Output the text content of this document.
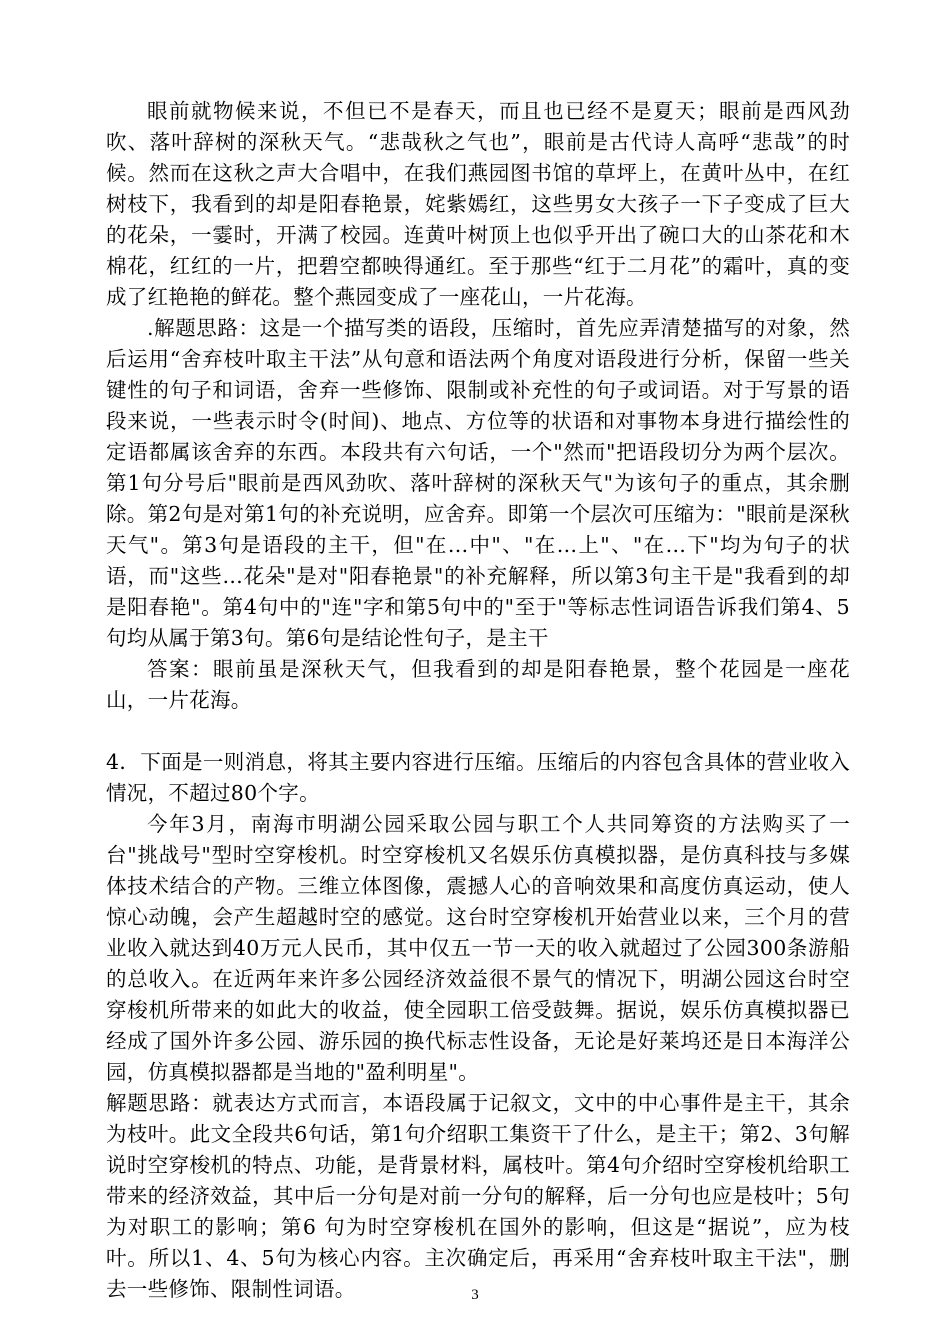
眼前就物候来说，不但已不是春天，而且也已经不是夏天；眼前是西风劲吹、落叶辞树的深秋天气。“悲哉秋之气也”，眼前是古代诗人高呼“悲哉”的时候。然而在这秋之声大合唱中，在我们燕园图书馆的草坪上，在黄叶丛中，在红树枝下，我看到的却是阳春艳景，姹紫嫣红，这些男女大孩子一下子变成了巨大的花朵，一霎时，开满了校园。连黄叶树顶上也似乎开出了碗口大的山茶花和木棉花，红红的一片，把碧空都映得通红。至于那些“红于二月花”的霜叶，真的变成了红艳艳的鲜花。整个燕园变成了一座花山，一片花海。

.解题思路：这是一个描写类的语段，压缩时，首先应弄清楚描写的对象，然后运用“舍弃枝叶取主干法”从句意和语法两个角度对语段进行分析，保留一些关键性的句子和词语，舍弃一些修饰、限制或补充性的句子或词语。对于写景的语段来说，一些表示时令(时间)、地点、方位等的状语和对事物本身进行描绘性的定语都属该舍弃的东西。本段共有六句话，一个"然而"把语段切分为两个层次。第1句分号后"眼前是西风劲吹、落叶辞树的深秋天气"为该句子的重点，其余删除。第2句是对第1句的补充说明，应舍弃。即第一个层次可压缩为："眼前是深秋天气"。第3句是语段的主干，但"在…中"、"在…上"、"在…下"均为句子的状语，而"这些…花朵"是对"阳春艳景"的补充解释，所以第3句主干是"我看到的却是阳春艳"。第4句中的"连"字和第5句中的"至于"等标志性词语告诉我们第4、5句均从属于第3句。第6句是结论性句子，是主干

答案：眼前虽是深秋天气，但我看到的却是阳春艳景，整个花园是一座花山，一片花海。

4．下面是一则消息，将其主要内容进行压缩。压缩后的内容包含具体的营业收入情况，不超过80个字。

今年3月，南海市明湖公园采取公园与职工个人共同筹资的方法购买了一台"挑战号"型时空穿梭机。时空穿梭机又名娱乐仿真模拟器，是仿真科技与多媒体技术结合的产物。三维立体图像，震撼人心的音响效果和高度仿真运动，使人惊心动魄，会产生超越时空的感觉。这台时空穿梭机开始营业以来，三个月的营业收入就达到40万元人民币，其中仅五一节一天的收入就超过了公园300条游船的总收入。在近两年来许多公园经济效益很不景气的情况下，明湖公园这台时空穿梭机所带来的如此大的收益，使全园职工倍受鼓舞。据说，娱乐仿真模拟器已经成了国外许多公园、游乐园的换代标志性设备，无论是好莱坞还是日本海洋公园，仿真模拟器都是当地的"盈利明星"。

解题思路：就表达方式而言，本语段属于记叙文，文中的中心事件是主干，其余为枝叶。此文全段共6句话，第1句介绍职工集资干了什么，是主干；第2、3句解说时空穿梭机的特点、功能，是背景材料，属枝叶。第4句介绍时空穿梭机给职工带来的经济效益，其中后一分句是对前一分句的解释，后一分句也应是枝叶；5句为对职工的影响；第6 句为时空穿梭机在国外的影响，但这是“据说”，应为枝叶。所以1、4、5句为核心内容。主次确定后，再采用“舍弃枝叶取主干法"，删去一些修饰、限制性词语。	3
